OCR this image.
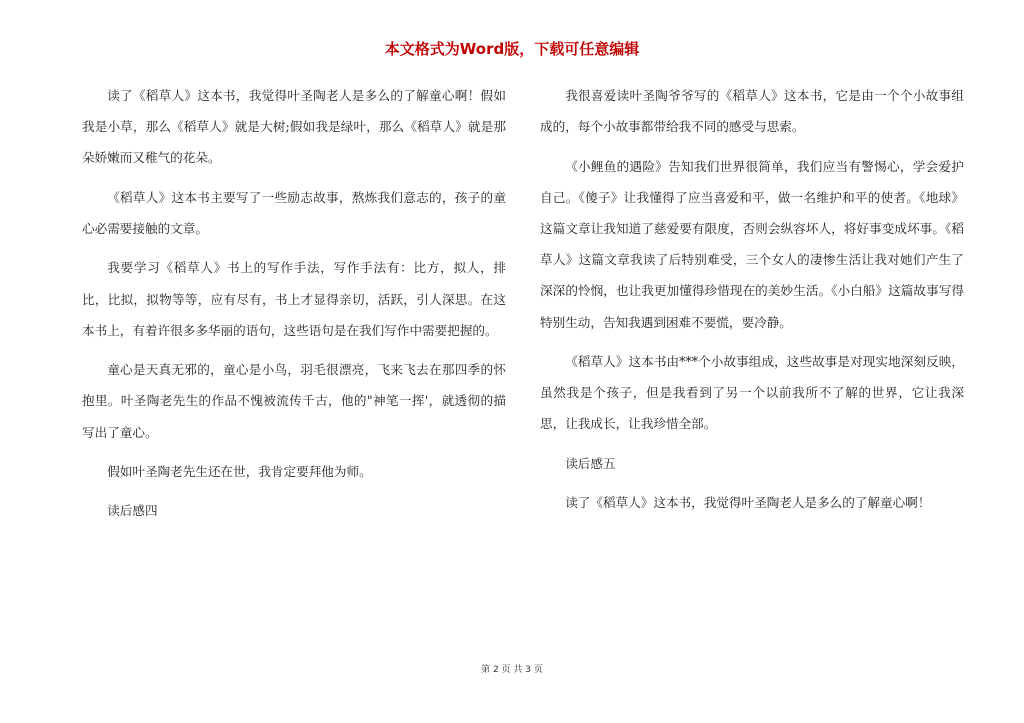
本文格式为Word版，下载可任意编辑

读了《稻草人》这本书，我觉得叶圣陶老人是多么的了解童心啊！假如我是小草，那么《稻草人》就是大树;假如我是绿叶，那么《稻草人》就是那朵娇嫩而又稚气的花朵。

《稻草人》这本书主要写了一些励志故事，熬炼我们意志的，孩子的童心必需要接触的文章。

我要学习《稻草人》书上的写作手法，写作手法有：比方，拟人，排比，比拟，拟物等等，应有尽有，书上才显得亲切，活跃，引人深思。在这本书上，有着许很多多华丽的语句，这些语句是在我们写作中需要把握的。

童心是天真无邪的，童心是小鸟，羽毛很漂亮，飞来飞去在那四季的怀抱里。叶圣陶老先生的作品不愧被流传千古，他的"神笔一挥'，就透彻的描写出了童心。

假如叶圣陶老先生还在世，我肯定要拜他为师。

读后感四

我很喜爱读叶圣陶爷爷写的《稻草人》这本书，它是由一个个小故事组成的，每个小故事都带给我不同的感受与思索。

《小鲤鱼的遇险》告知我们世界很简单，我们应当有警惕心，学会爱护自己。《傻子》让我懂得了应当喜爱和平，做一名维护和平的使者。《地球》这篇文章让我知道了慈爱要有限度，否则会纵容坏人，将好事变成坏事。《稻草人》这篇文章我读了后特别难受，三个女人的凄惨生活让我对她们产生了深深的怜悯，也让我更加懂得珍惜现在的美妙生活。《小白船》这篇故事写得特别生动，告知我遇到困难不要慌，要冷静。

《稻草人》这本书由***个小故事组成，这些故事是对现实地深刻反映，虽然我是个孩子，但是我看到了另一个以前我所不了解的世界，它让我深思，让我成长，让我珍惜全部。

读后感五

读了《稻草人》这本书，我觉得叶圣陶老人是多么的了解童心啊！

第 2 页 共 3 页
